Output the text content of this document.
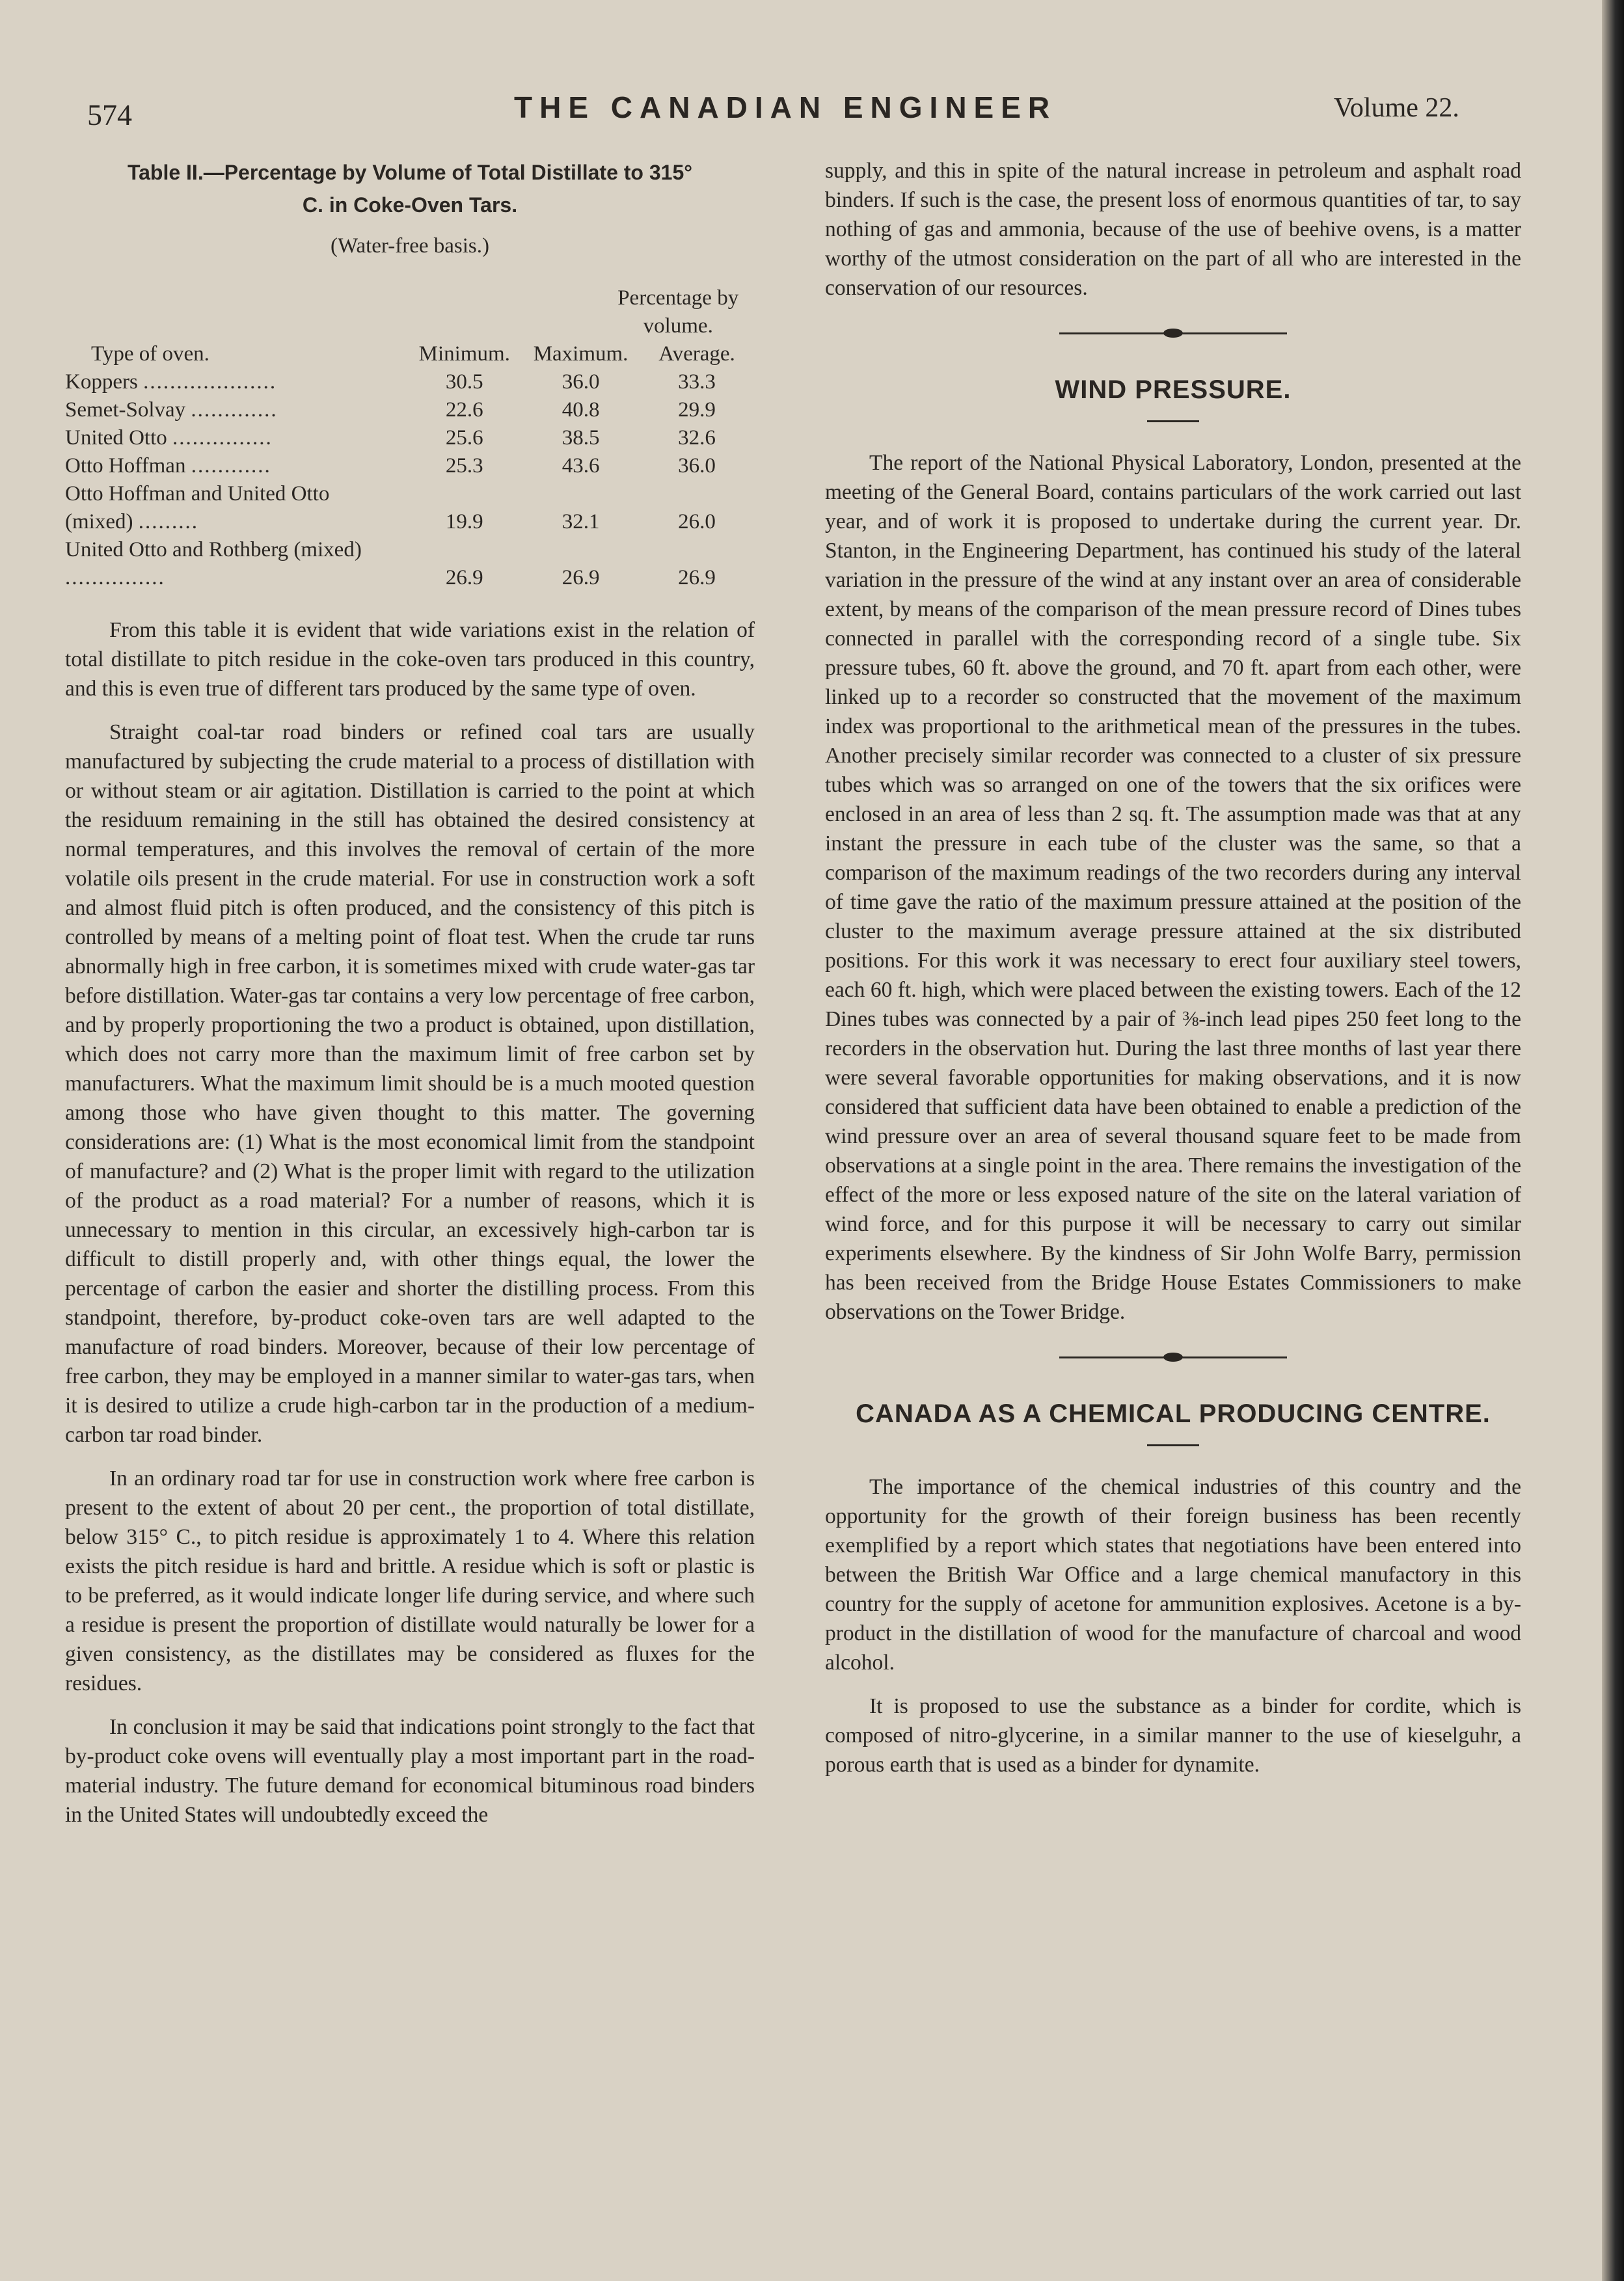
574	THE CANADIAN ENGINEER	Volume 22.

Table II.—Percentage by Volume of Total Distillate to 315°

C. in Coke-Oven Tars.

(Water-free basis.)

	Percentage by volume.		
Type of oven.	Minimum.	Maximum.	Average.
Koppers ....................	30.5	36.0	33.3
Semet-Solvay .............	22.6	40.8	29.9
United Otto ...............	25.6	38.5	32.6
Otto Hoffman ............	25.3	43.6	36.0
Otto Hoffman and United Otto (mixed) .........	19.9	32.1	26.0
United Otto and Rothberg (mixed) ...............	26.9	26.9	26.9

From this table it is evident that wide variations exist in the relation of total distillate to pitch residue in the coke-oven tars produced in this country, and this is even true of different tars produced by the same type of oven.

Straight coal-tar road binders or refined coal tars are usually manufactured by subjecting the crude material to a process of distillation with or without steam or air agitation. Distillation is carried to the point at which the residuum remaining in the still has obtained the desired consistency at normal temperatures, and this involves the removal of certain of the more volatile oils present in the crude material. For use in construction work a soft and almost fluid pitch is often produced, and the consistency of this pitch is controlled by means of a melting point of float test. When the crude tar runs abnormally high in free carbon, it is sometimes mixed with crude water-gas tar before distillation. Water-gas tar contains a very low percentage of free carbon, and by properly proportioning the two a product is obtained, upon distillation, which does not carry more than the maximum limit of free carbon set by manufacturers. What the maximum limit should be is a much mooted question among those who have given thought to this matter. The governing considerations are: (1) What is the most economical limit from the standpoint of manufacture? and (2) What is the proper limit with regard to the utilization of the product as a road material? For a number of reasons, which it is unnecessary to mention in this circular, an excessively high-carbon tar is difficult to distill properly and, with other things equal, the lower the percentage of carbon the easier and shorter the distilling process. From this standpoint, therefore, by-product coke-oven tars are well adapted to the manufacture of road binders. Moreover, because of their low percentage of free carbon, they may be employed in a manner similar to water-gas tars, when it is desired to utilize a crude high-carbon tar in the production of a medium-carbon tar road binder.

In an ordinary road tar for use in construction work where free carbon is present to the extent of about 20 per cent., the proportion of total distillate, below 315° C., to pitch residue is approximately 1 to 4. Where this relation exists the pitch residue is hard and brittle. A residue which is soft or plastic is to be preferred, as it would indicate longer life during service, and where such a residue is present the proportion of distillate would naturally be lower for a given consistency, as the distillates may be considered as fluxes for the residues.

In conclusion it may be said that indications point strongly to the fact that by-product coke ovens will eventually play a most important part in the road-material industry. The future demand for economical bituminous road binders in the United States will undoubtedly exceed the

supply, and this in spite of the natural increase in petroleum and asphalt road binders. If such is the case, the present loss of enormous quantities of tar, to say nothing of gas and ammonia, because of the use of beehive ovens, is a matter worthy of the utmost consideration on the part of all who are interested in the conservation of our resources.

WIND PRESSURE.

The report of the National Physical Laboratory, London, presented at the meeting of the General Board, contains particulars of the work carried out last year, and of work it is proposed to undertake during the current year. Dr. Stanton, in the Engineering Department, has continued his study of the lateral variation in the pressure of the wind at any instant over an area of considerable extent, by means of the comparison of the mean pressure record of Dines tubes connected in parallel with the corresponding record of a single tube. Six pressure tubes, 60 ft. above the ground, and 70 ft. apart from each other, were linked up to a recorder so constructed that the movement of the maximum index was proportional to the arithmetical mean of the pressures in the tubes. Another precisely similar recorder was connected to a cluster of six pressure tubes which was so arranged on one of the towers that the six orifices were enclosed in an area of less than 2 sq. ft. The assumption made was that at any instant the pressure in each tube of the cluster was the same, so that a comparison of the maximum readings of the two recorders during any interval of time gave the ratio of the maximum pressure attained at the position of the cluster to the maximum average pressure attained at the six distributed positions. For this work it was necessary to erect four auxiliary steel towers, each 60 ft. high, which were placed between the existing towers. Each of the 12 Dines tubes was connected by a pair of ⅜-inch lead pipes 250 feet long to the recorders in the observation hut. During the last three months of last year there were several favorable opportunities for making observations, and it is now considered that sufficient data have been obtained to enable a prediction of the wind pressure over an area of several thousand square feet to be made from observations at a single point in the area. There remains the investigation of the effect of the more or less exposed nature of the site on the lateral variation of wind force, and for this purpose it will be necessary to carry out similar experiments elsewhere. By the kindness of Sir John Wolfe Barry, permission has been received from the Bridge House Estates Commissioners to make observations on the Tower Bridge.

CANADA AS A CHEMICAL PRODUCING CENTRE.

The importance of the chemical industries of this country and the opportunity for the growth of their foreign business has been recently exemplified by a report which states that negotiations have been entered into between the British War Office and a large chemical manufactory in this country for the supply of acetone for ammunition explosives. Acetone is a by-product in the distillation of wood for the manufacture of charcoal and wood alcohol.

It is proposed to use the substance as a binder for cordite, which is composed of nitro-glycerine, in a similar manner to the use of kieselguhr, a porous earth that is used as a binder for dynamite.
